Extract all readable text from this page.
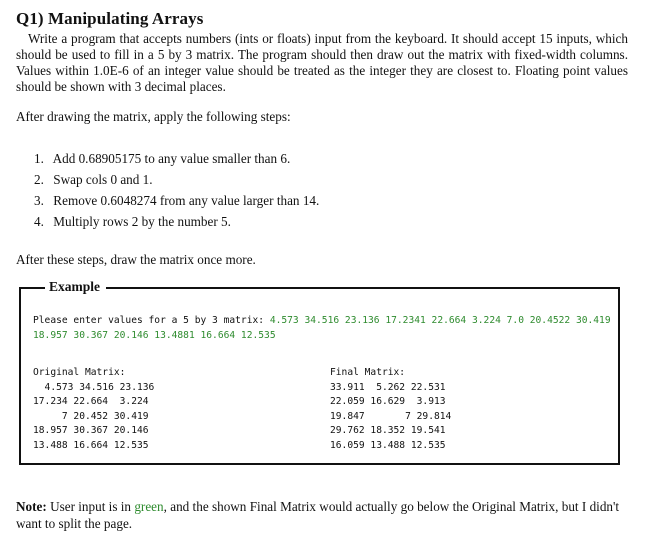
Q1) Manipulating Arrays
Write a program that accepts numbers (ints or floats) input from the keyboard. It should accept 15 inputs, which should be used to fill in a 5 by 3 matrix. The program should then draw out the matrix with fixed-width columns. Values within 1.0E-6 of an integer value should be treated as the integer they are closest to. Floating point values should be shown with 3 decimal places.
After drawing the matrix, apply the following steps:
1. Add 0.68905175 to any value smaller than 6.
2. Swap cols 0 and 1.
3. Remove 0.6048274 from any value larger than 14.
4. Multiply rows 2 by the number 5.
After these steps, draw the matrix once more.
Example
Please enter values for a 5 by 3 matrix: 4.573 34.516 23.136 17.2341 22.664 3.224 7.0 20.4522 30.419 18.957 30.367 20.146 13.4881 16.664 12.535
Original Matrix:
4.573 34.516 23.136
17.234 22.664  3.224
7 20.452 30.419
18.957 30.367 20.146
13.488 16.664 12.535
Final Matrix:
33.911  5.262 22.531
22.059 16.629  3.913
19.847       7 29.814
29.762 18.352 19.541
16.059 13.488 12.535
Note: User input is in green, and the shown Final Matrix would actually go below the Original Matrix, but I didn't want to split the page.
